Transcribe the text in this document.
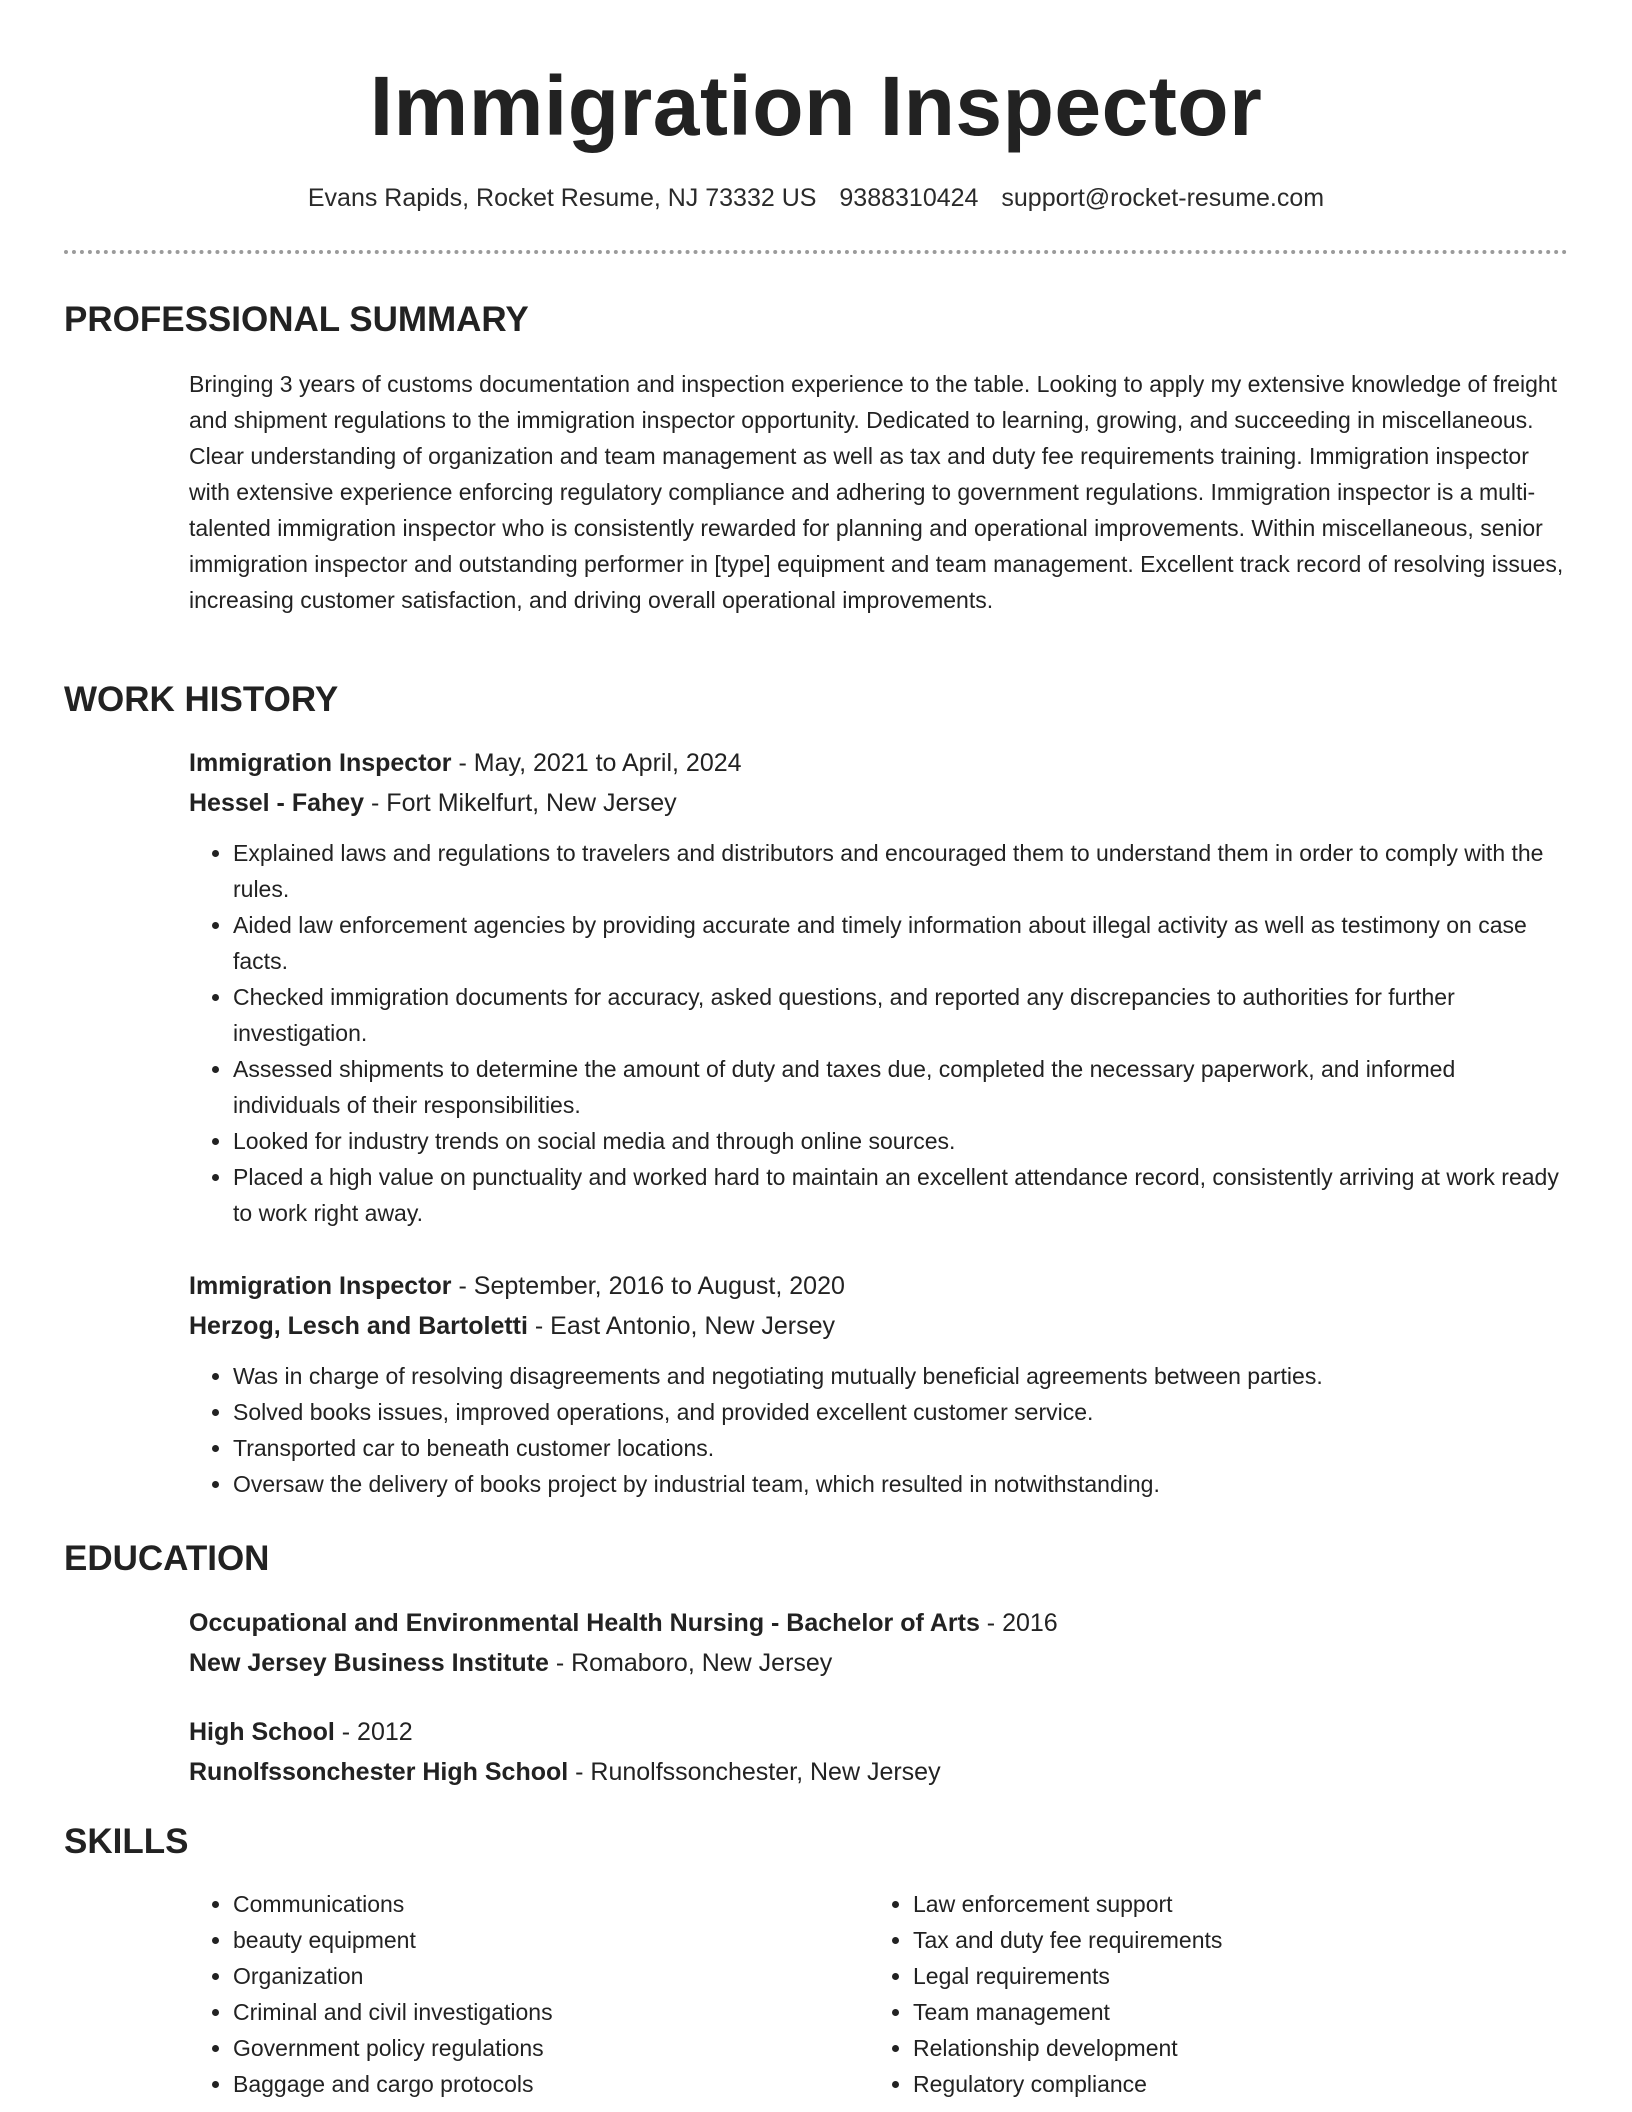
Immigration Inspector
Evans Rapids, Rocket Resume, NJ 73332 US 9388310424 support@rocket-resume.com
PROFESSIONAL SUMMARY

Bringing 3 years of customs documentation and inspection experience to the table. Looking to apply my extensive knowledge of freight and shipment regulations to the immigration inspector opportunity. Dedicated to learning, growing, and succeeding in miscellaneous. Clear understanding of organization and team management as well as tax and duty fee requirements training. Immigration inspector with extensive experience enforcing regulatory compliance and adhering to government regulations. Immigration inspector is a multi-talented immigration inspector who is consistently rewarded for planning and operational improvements. Within miscellaneous, senior immigration inspector and outstanding performer in [type] equipment and team management. Excellent track record of resolving issues, increasing customer satisfaction, and driving overall operational improvements.

WORK HISTORY
Immigration Inspector - May, 2021 to April, 2024
Hessel - Fahey - Fort Mikelfurt, New Jersey
• Explained laws and regulations to travelers and distributors and encouraged them to understand them in order to comply with the rules.
• Aided law enforcement agencies by providing accurate and timely information about illegal activity as well as testimony on case facts.
• Checked immigration documents for accuracy, asked questions, and reported any discrepancies to authorities for further investigation.
• Assessed shipments to determine the amount of duty and taxes due, completed the necessary paperwork, and informed individuals of their responsibilities.
• Looked for industry trends on social media and through online sources.
• Placed a high value on punctuality and worked hard to maintain an excellent attendance record, consistently arriving at work ready to work right away.
Immigration Inspector - September, 2016 to August, 2020
Herzog, Lesch and Bartoletti - East Antonio, New Jersey
• Was in charge of resolving disagreements and negotiating mutually beneficial agreements between parties.
• Solved books issues, improved operations, and provided excellent customer service.
• Transported car to beneath customer locations.
• Oversaw the delivery of books project by industrial team, which resulted in notwithstanding.
EDUCATION
Occupational and Environmental Health Nursing - Bachelor of Arts - 2016
New Jersey Business Institute - Romaboro, New Jersey
High School - 2012
Runolfssonchester High School - Runolfssonchester, New Jersey
SKILLS
• Communications
• beauty equipment
• Organization
• Criminal and civil investigations
• Government policy regulations
• Baggage and cargo protocols
• Law enforcement support
• Tax and duty fee requirements
• Legal requirements
• Team management
• Relationship development
• Regulatory compliance
